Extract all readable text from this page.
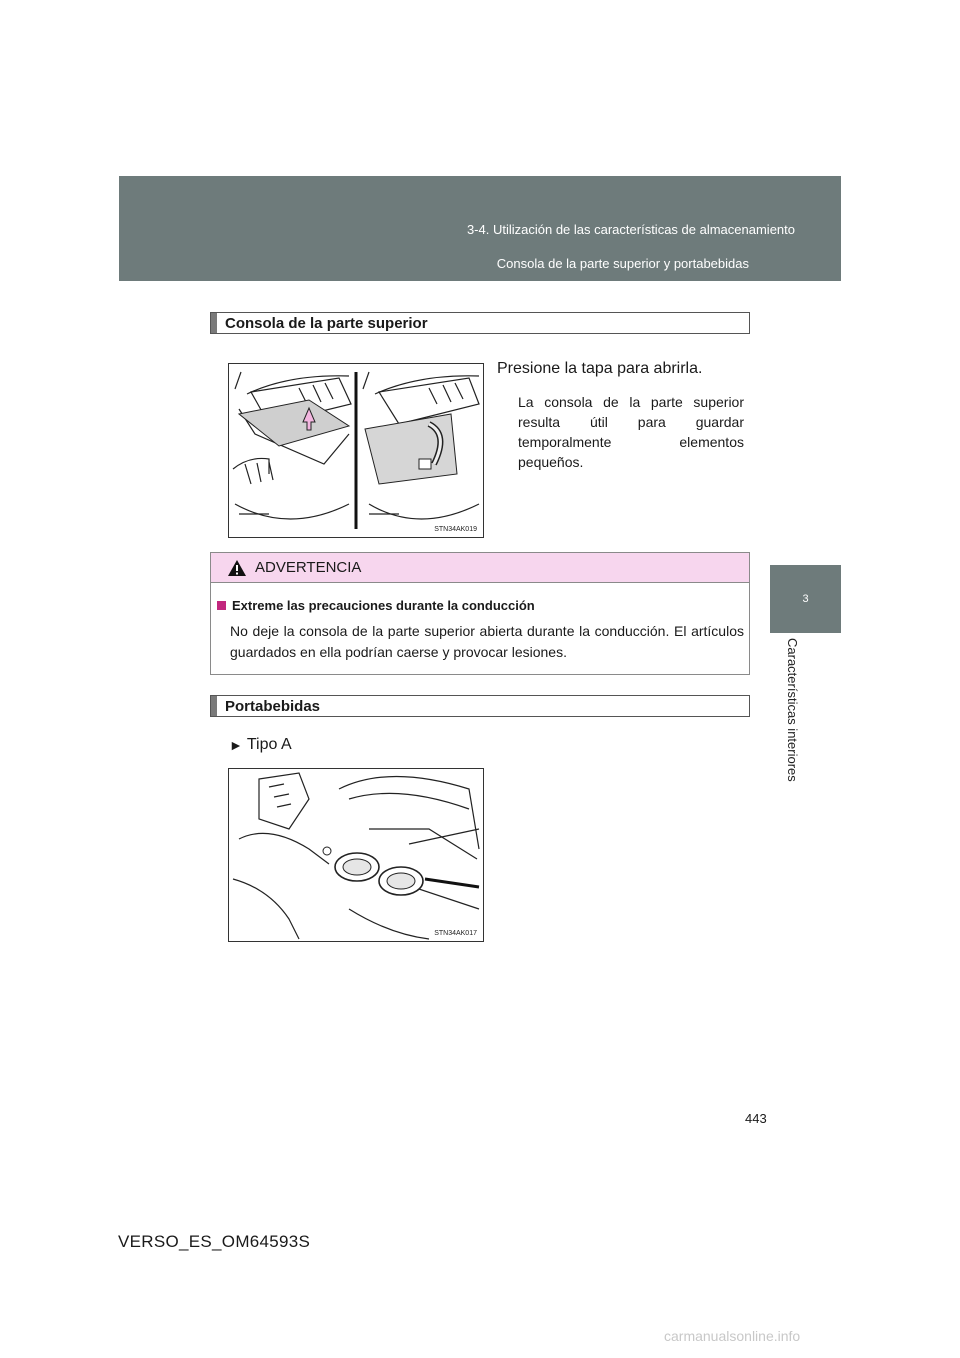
3-4. Utilización de las características de almacenamiento
Consola de la parte superior y portabebidas
3
Características interiores
Consola de la parte superior
STN34AK019
Presione la tapa para abrirla.
La consola de la parte superior resulta útil para guardar temporalmente elementos pequeños.
ADVERTENCIA
Extreme las precauciones durante la conducción
No deje la consola de la parte superior abierta durante la conducción. El artículos guardados en ella podrían caerse y provocar lesiones.
Portabebidas
► Tipo A
STN34AK017
443
VERSO_ES_OM64593S
carmanualsonline.info
